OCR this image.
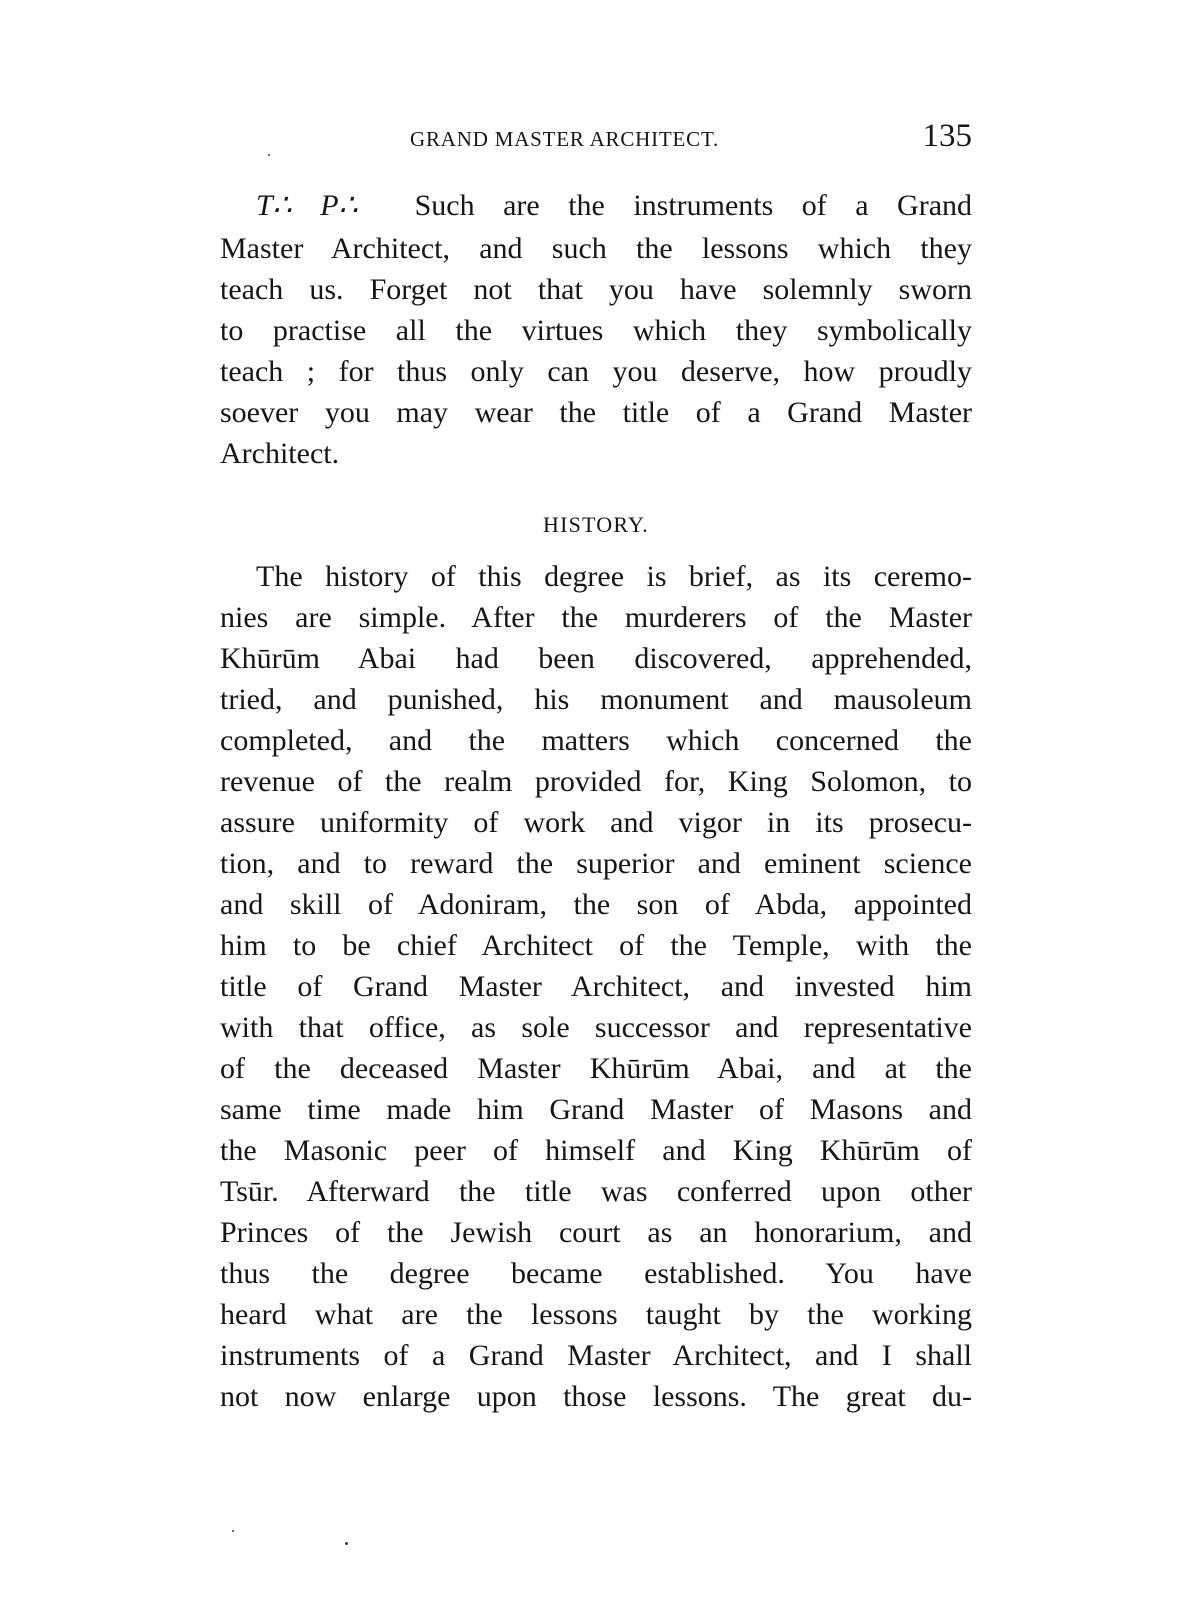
GRAND MASTER ARCHITECT.	135
T∴ P∴ Such are the instruments of a Grand
Master Architect, and such the lessons which they
teach us. Forget not that you have solemnly sworn
to practise all the virtues which they symbolically
teach ; for thus only can you deserve, how proudly
soever you may wear the title of a Grand Master
Architect.
HISTORY.
The history of this degree is brief, as its ceremo-
nies are simple. After the murderers of the Master
Khūrūm Abai had been discovered, apprehended,
tried, and punished, his monument and mausoleum
completed, and the matters which concerned the
revenue of the realm provided for, King Solomon, to
assure uniformity of work and vigor in its prosecu-
tion, and to reward the superior and eminent science
and skill of Adoniram, the son of Abda, appointed
him to be chief Architect of the Temple, with the
title of Grand Master Architect, and invested him
with that office, as sole successor and representative
of the deceased Master Khūrūm Abai, and at the
same time made him Grand Master of Masons and
the Masonic peer of himself and King Khūrūm of
Tsūr. Afterward the title was conferred upon other
Princes of the Jewish court as an honorarium, and
thus the degree became established. You have
heard what are the lessons taught by the working
instruments of a Grand Master Architect, and I shall
not now enlarge upon those lessons. The great du-
